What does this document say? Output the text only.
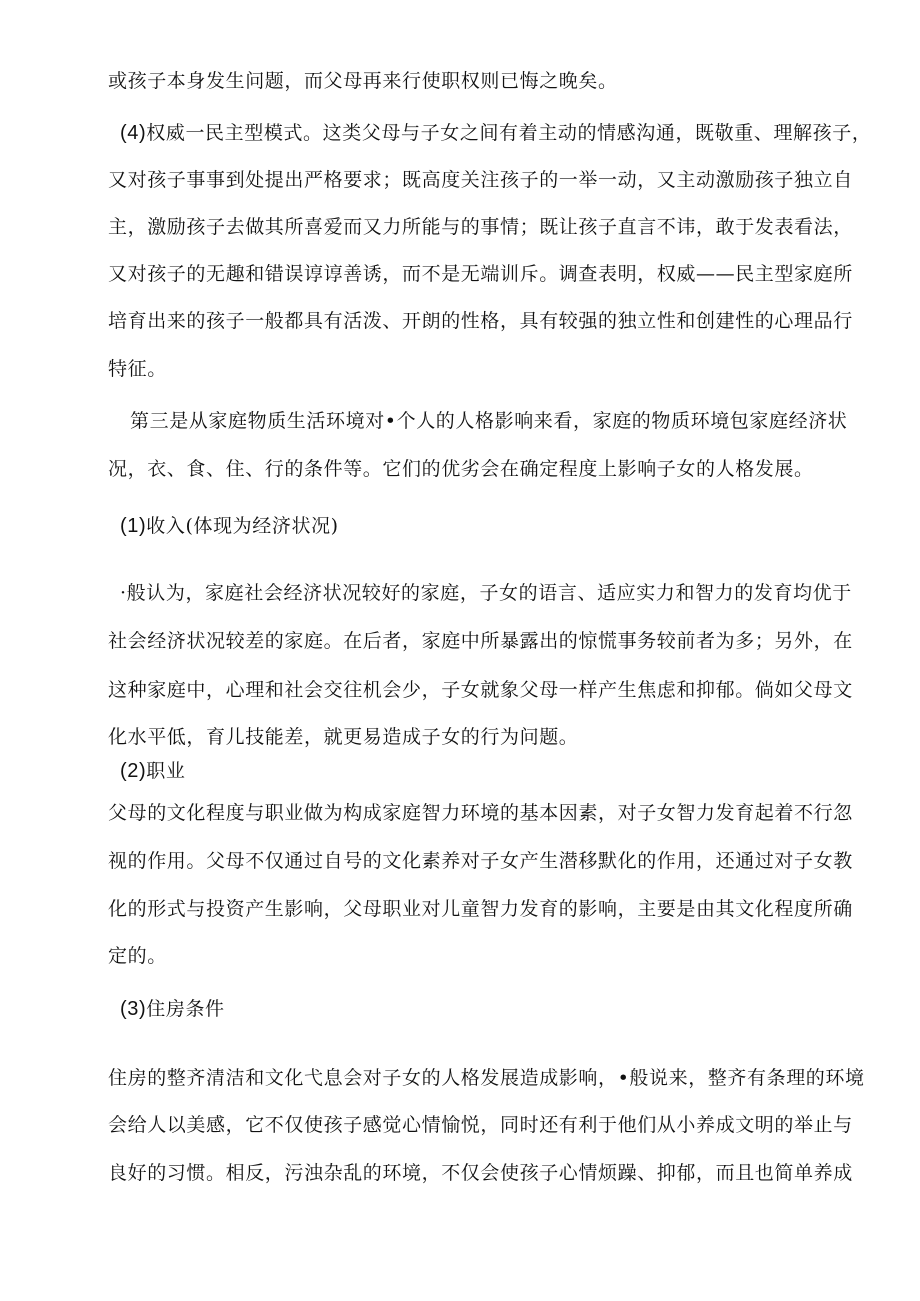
或孩子本身发生问题，而父母再来行使职权则已悔之晚矣。
(4)权威一民主型模式。这类父母与子女之间有着主动的情感沟通，既敬重、理解孩子，
又对孩子事事到处提出严格要求；既高度关注孩子的一举一动，又主动激励孩子独立自
主，激励孩子去做其所喜爱而又力所能与的事情；既让孩子直言不讳，敢于发表看法，
又对孩子的无趣和错误谆谆善诱，而不是无端训斥。调查表明，权威——民主型家庭所
培育出来的孩子一般都具有活泼、开朗的性格，具有较强的独立性和创建性的心理品行
特征。
第三是从家庭物质生活环境对•个人的人格影响来看，家庭的物质环境包家庭经济状
况，衣、食、住、行的条件等。它们的优劣会在确定程度上影响子女的人格发展。
(1)收入(体现为经济状况)
·般认为，家庭社会经济状况较好的家庭，子女的语言、适应实力和智力的发育均优于
社会经济状况较差的家庭。在后者，家庭中所暴露出的惊慌事务较前者为多；另外，在
这种家庭中，心理和社会交往机会少，子女就象父母一样产生焦虑和抑郁。倘如父母文
化水平低，育儿技能差，就更易造成子女的行为问题。
(2)职业
父母的文化程度与职业做为构成家庭智力环境的基本因素，对子女智力发育起着不行忽
视的作用。父母不仅通过自号的文化素养对子女产生潜移默化的作用，还通过对子女教
化的形式与投资产生影响，父母职业对儿童智力发育的影响，主要是由其文化程度所确
定的。
(3)住房条件
住房的整齐清洁和文化弋息会对子女的人格发展造成影响，•般说来，整齐有条理的环境
会给人以美感，它不仅使孩子感觉心情愉悦，同时还有利于他们从小养成文明的举止与
良好的习惯。相反，污浊杂乱的环境，不仅会使孩子心情烦躁、抑郁，而且也简单养成
